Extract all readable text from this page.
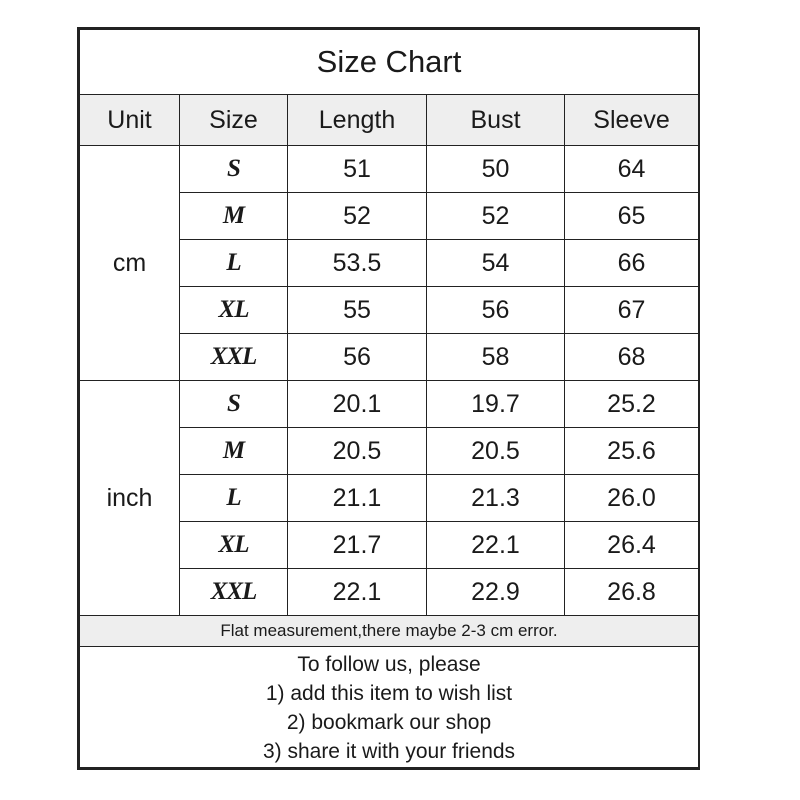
Size Chart				
Unit	Size	Length	Bust	Sleeve
cm	S	51	50	64
	M	52	52	65
	L	53.5	54	66
	XL	55	56	67
	XXL	56	58	68
inch	S	20.1	19.7	25.2
	M	20.5	20.5	25.6
	L	21.1	21.3	26.0
	XL	21.7	22.1	26.4
	XXL	22.1	22.9	26.8
Flat measurement,there maybe 2-3 cm error.				

To follow us, please
1) add this item to wish list
2) bookmark our shop
3) share it with your friends				
